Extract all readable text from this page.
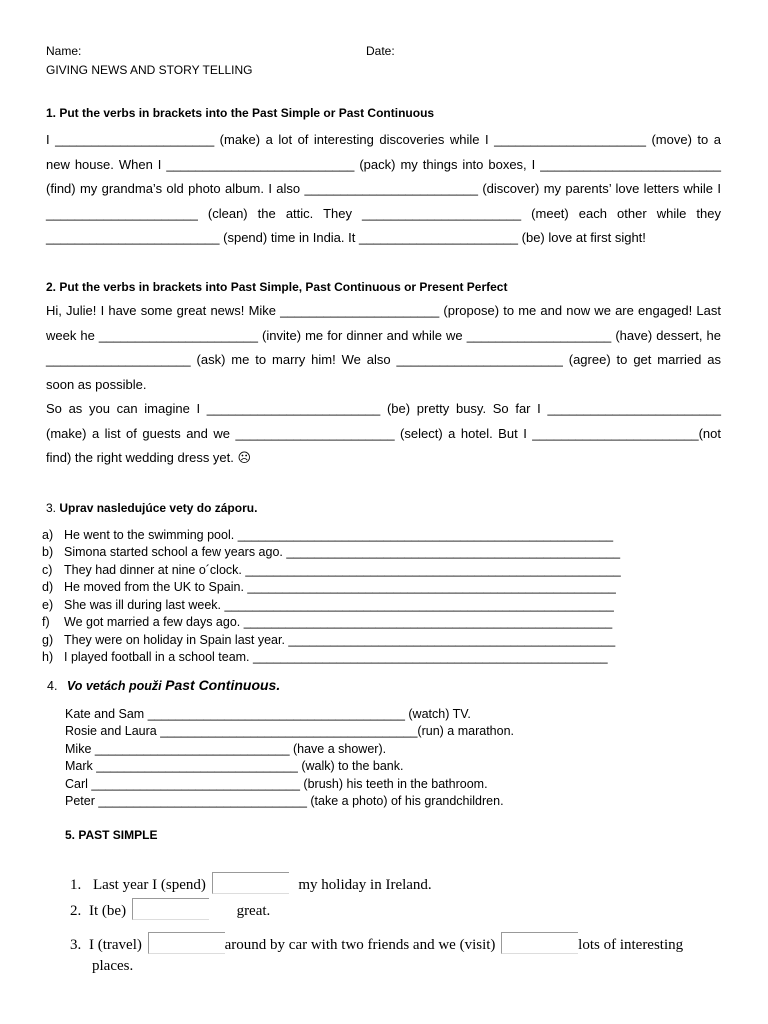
Name:	Date:
GIVING NEWS AND STORY TELLING
1. Put the verbs in brackets into the Past Simple or Past Continuous
I ______________________ (make) a lot of interesting discoveries while I _____________________ (move) to a new house. When I __________________________ (pack) my things into boxes, I _________________________ (find) my grandma’s old photo album. I also ________________________ (discover) my parents’ love letters while I _____________________ (clean) the attic. They ______________________ (meet) each other while they ________________________ (spend) time in India. It ______________________ (be) love at first sight!
2. Put the verbs in brackets into Past Simple, Past Continuous or Present Perfect
Hi, Julie! I have some great news! Mike ______________________ (propose) to me and now we are engaged! Last week he ______________________ (invite) me for dinner and while we ____________________ (have) dessert, he ____________________ (ask) me to marry him! We also _______________________ (agree) to get married as soon as possible.
So as you can imagine I ________________________ (be) pretty busy. So far I ________________________ (make) a list of guests and we ______________________ (select) a hotel. But I _______________________(not find) the right wedding dress yet. ☹
3. Uprav nasledujúce vety do záporu.
a) He went to the swimming pool. ______________________________________________________
b) Simona started school a few years ago. ________________________________________________
c) They had dinner at nine o´clock. ______________________________________________________
d) He moved from the UK to Spain. _____________________________________________________
e) She was ill during last week. ________________________________________________________
f) We got married a few days ago. _____________________________________________________
g) They were on holiday in Spain last year. _______________________________________________
h) I played football in a school team. ___________________________________________________
4. Vo vetách použi Past Continuous.
Kate and Sam _____________________________________ (watch) TV.
Rosie and Laura _____________________________________(run) a marathon.
Mike ____________________________ (have a shower).
Mark _____________________________ (walk) to the bank.
Carl ______________________________ (brush) his teeth in the bathroom.
Peter ______________________________ (take a photo) of his grandchildren.
5. PAST SIMPLE
1. Last year I (spend)	my holiday in Ireland.
2. It (be)	great.
3. I (travel)	around by car with two friends and we (visit)	lots of interesting
places.
